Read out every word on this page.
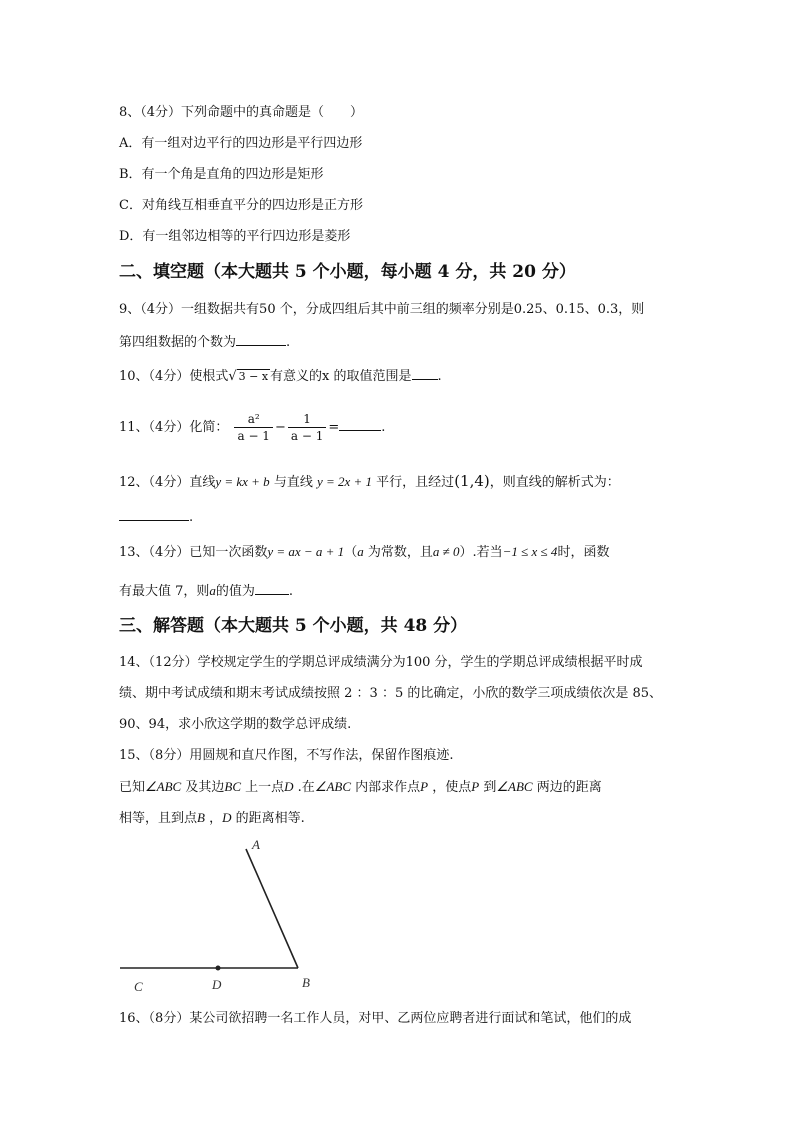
8、（4分）下列命题中的真命题是（　　）
A．有一组对边平行的四边形是平行四边形
B．有一个角是直角的四边形是矩形
C．对角线互相垂直平分的四边形是正方形
D．有一组邻边相等的平行四边形是菱形
二、填空题（本大题共 5 个小题，每小题 4 分，共 20 分）
9、（4分）一组数据共有50 个，分成四组后其中前三组的频率分别是0.25、0.15、0.3，则
第四组数据的个数为	.
10、（4分）使根式√ 3 − x 有意义的x 的取值范围是 .
11、（4分）化简： $\frac{\text{a²}}{a - 1} - \frac{1}{a - 1}$ =	.
12、（4分）直线y = kx + b 与直线 y = 2x + 1 平行，且经过(1,4)，则直线的解析式为：
.
13、（4分）已知一次函数y = ax − a + 1（a 为常数，且a ≠ 0）.若当−1 ≤ x ≤ 4时，函数
有最大值 7，则a的值为	.
三、解答题（本大题共 5 个小题，共 48 分）
14、（12分）学校规定学生的学期总评成绩满分为100 分，学生的学期总评成绩根据平时成
绩、期中考试成绩和期末考试成绩按照 2 ：3 ：5 的比确定，小欣的数学三项成绩依次是 85、
90、94，求小欣这学期的数学总评成绩.
15、（8分）用圆规和直尺作图，不写作法，保留作图痕迹.
已知∠ABC 及其边BC 上一点D .在∠ABC 内部求作点P ，使点P 到∠ABC 两边的距离
相等，且到点B ，D 的距离相等.
A
B
C	D
16、（8分）某公司欲招聘一名工作人员，对甲、乙两位应聘者进行面试和笔试，他们的成
